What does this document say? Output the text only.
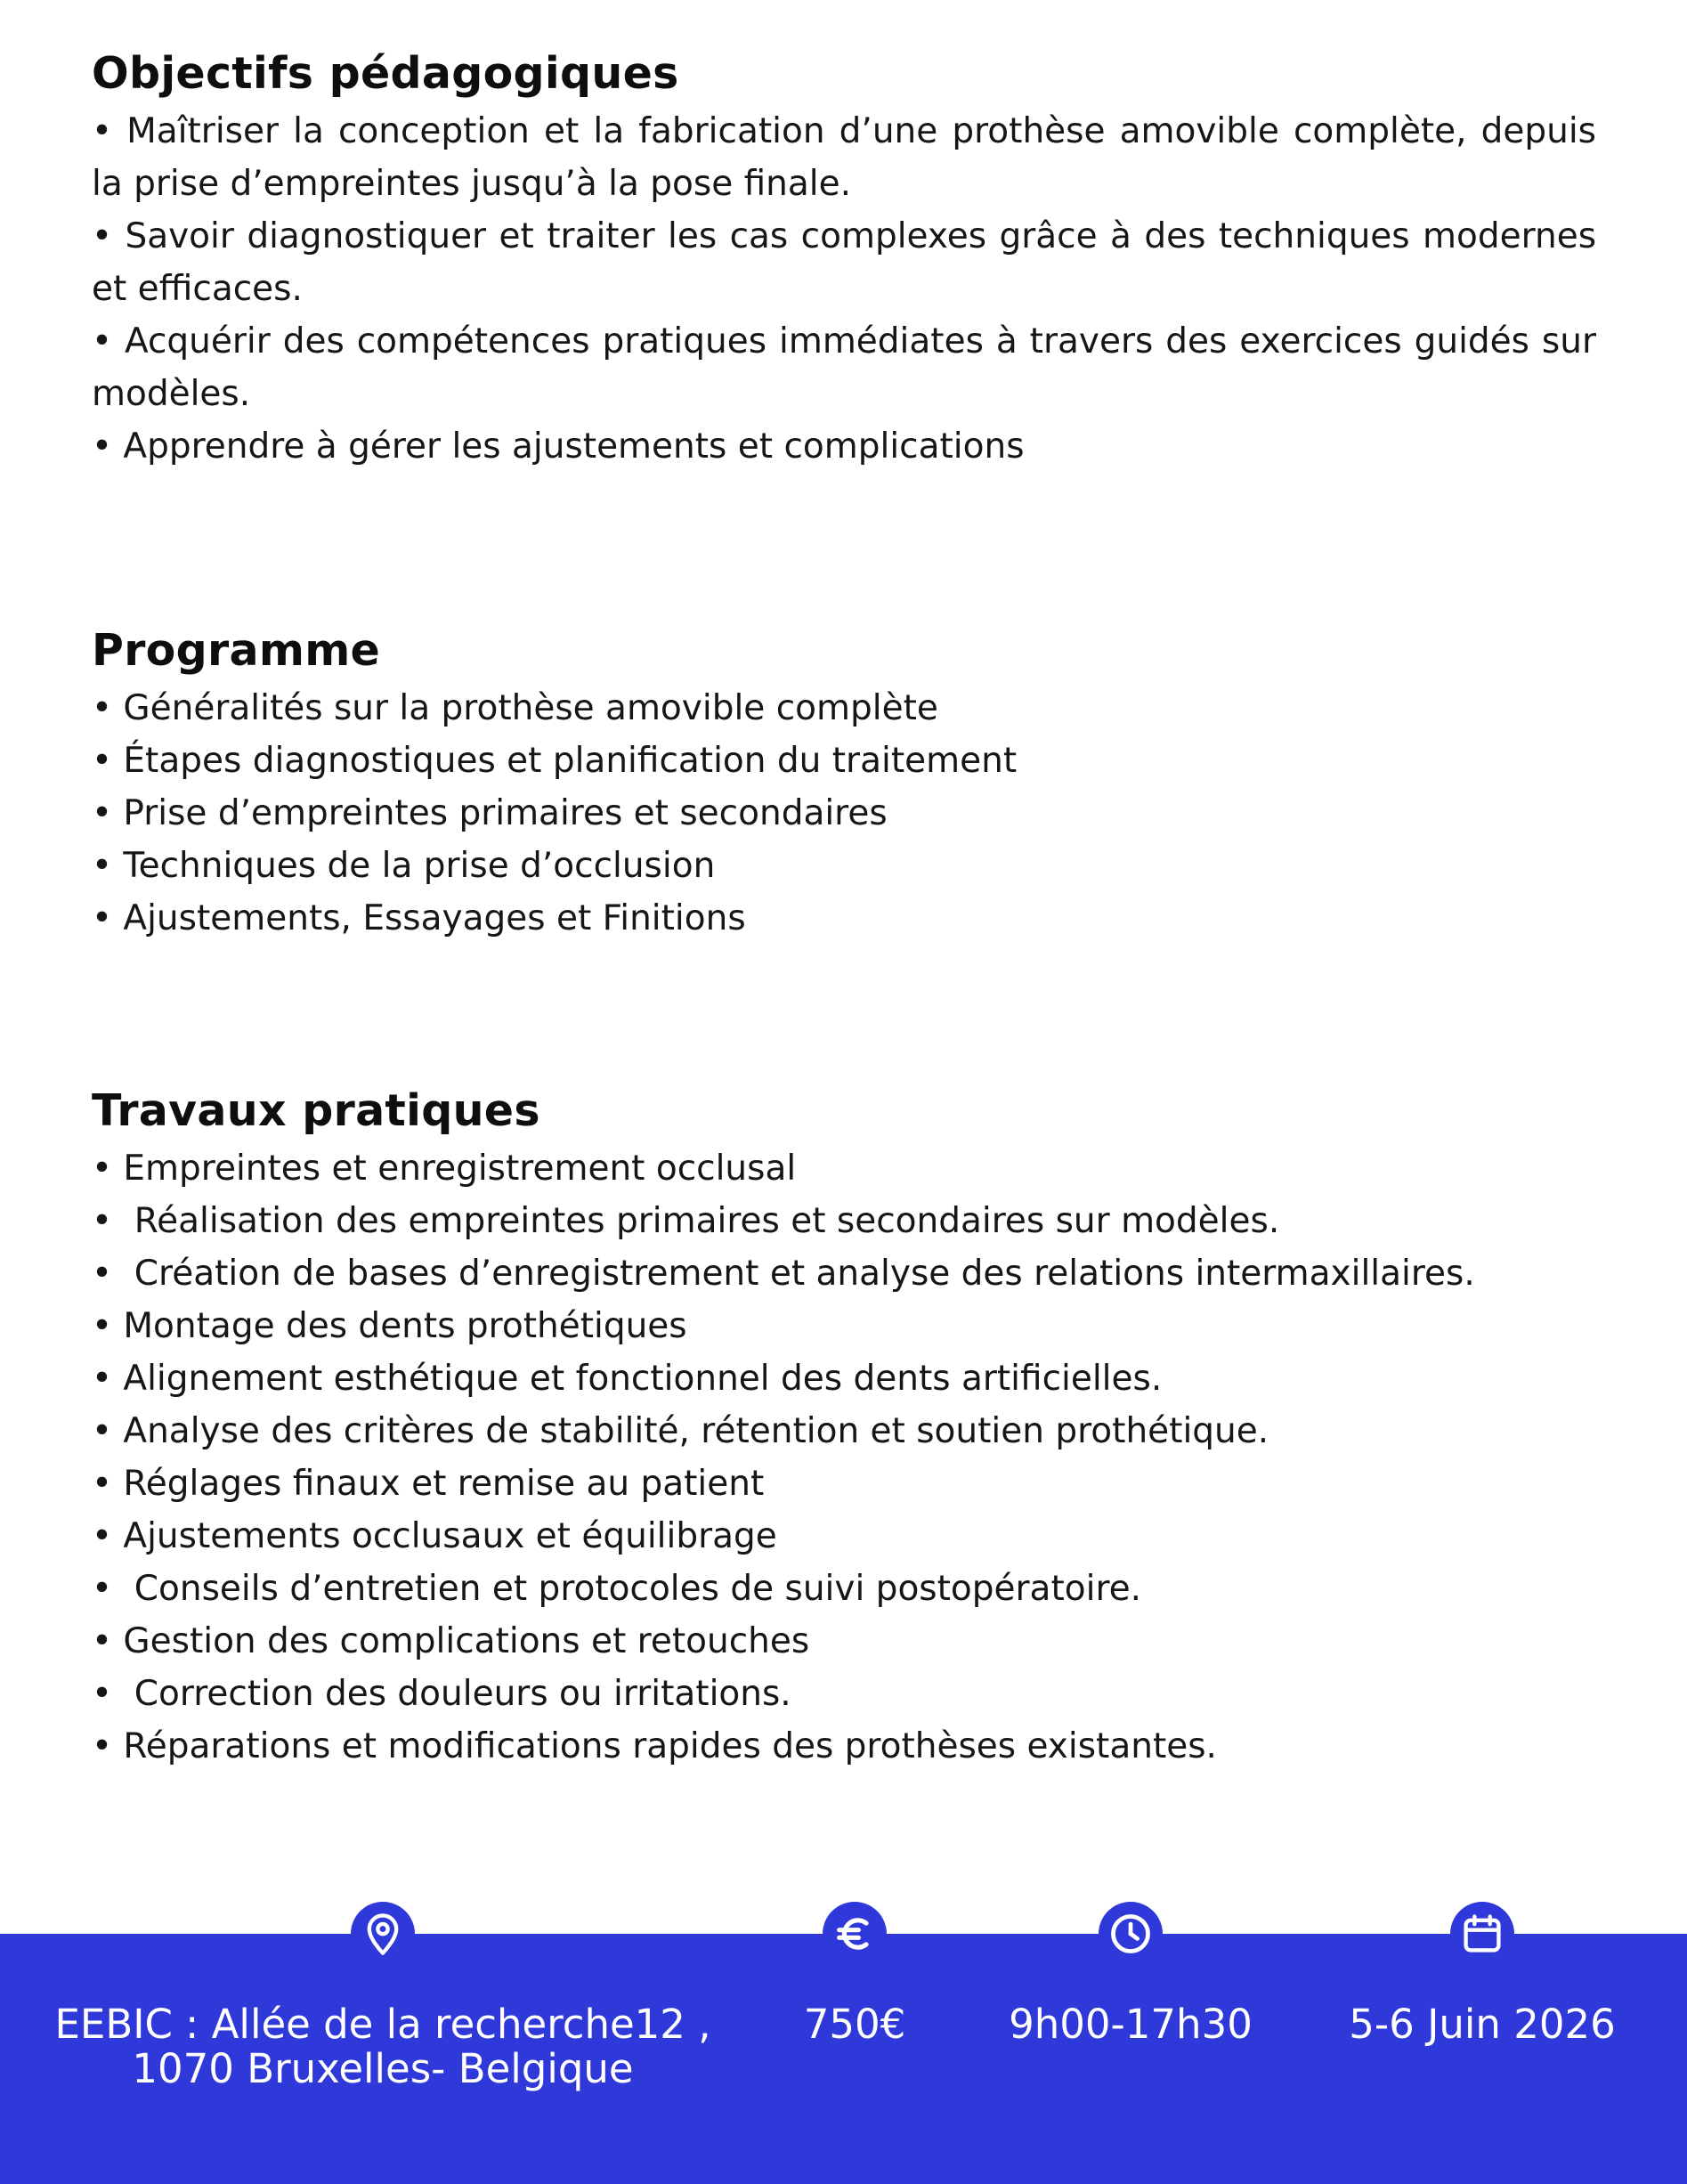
Objectifs pédagogiques
• Maîtriser la conception et la fabrication d’une prothèse amovible complète, depuis la prise d’empreintes jusqu’à la pose finale.
• Savoir diagnostiquer et traiter les cas complexes grâce à des techniques modernes et efficaces.
• Acquérir des compétences pratiques immédiates à travers des exercices guidés sur modèles.
• Apprendre à gérer les ajustements et complications
Programme
• Généralités sur la prothèse amovible complète
• Étapes diagnostiques et planification du traitement
• Prise d’empreintes primaires et secondaires
• Techniques de la prise d’occlusion
• Ajustements, Essayages et Finitions
Travaux pratiques
• Empreintes et enregistrement occlusal
•  Réalisation des empreintes primaires et secondaires sur modèles.
•  Création de bases d’enregistrement et analyse des relations intermaxillaires.
• Montage des dents prothétiques
• Alignement esthétique et fonctionnel des dents artificielles.
• Analyse des critères de stabilité, rétention et soutien prothétique.
• Réglages finaux et remise au patient
• Ajustements occlusaux et équilibrage
•  Conseils d’entretien et protocoles de suivi postopératoire.
• Gestion des complications et retouches
•  Correction des douleurs ou irritations.
• Réparations et modifications rapides des prothèses existantes.
EEBIC : Allée de la recherche12 ,
1070 Bruxelles- Belgique
750€	9h00-17h30	5-6 Juin 2026
